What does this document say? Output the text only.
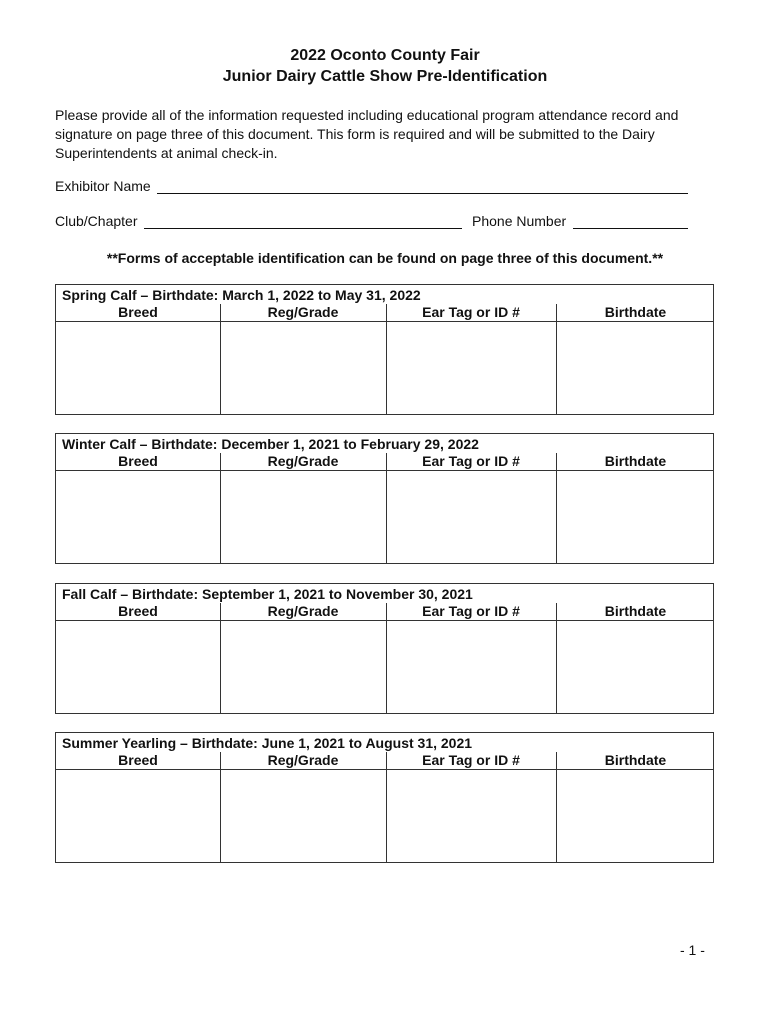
2022 Oconto County Fair
Junior Dairy Cattle Show Pre-Identification
Please provide all of the information requested including educational program attendance record and signature on page three of this document. This form is required and will be submitted to the Dairy Superintendents at animal check-in.
Exhibitor Name
Club/Chapter	Phone Number
**Forms of acceptable identification can be found on page three of this document.**
Spring Calf – Birthdate: March 1, 2022 to May 31, 2022
Breed	Reg/Grade	Ear Tag or ID #	Birthdate
Winter Calf – Birthdate: December 1, 2021 to February 29, 2022
Breed	Reg/Grade	Ear Tag or ID #	Birthdate
Fall Calf – Birthdate: September 1, 2021 to November 30, 2021
Breed	Reg/Grade	Ear Tag or ID #	Birthdate
Summer Yearling – Birthdate: June 1, 2021 to August 31, 2021
Breed	Reg/Grade	Ear Tag or ID #	Birthdate
- 1 -
